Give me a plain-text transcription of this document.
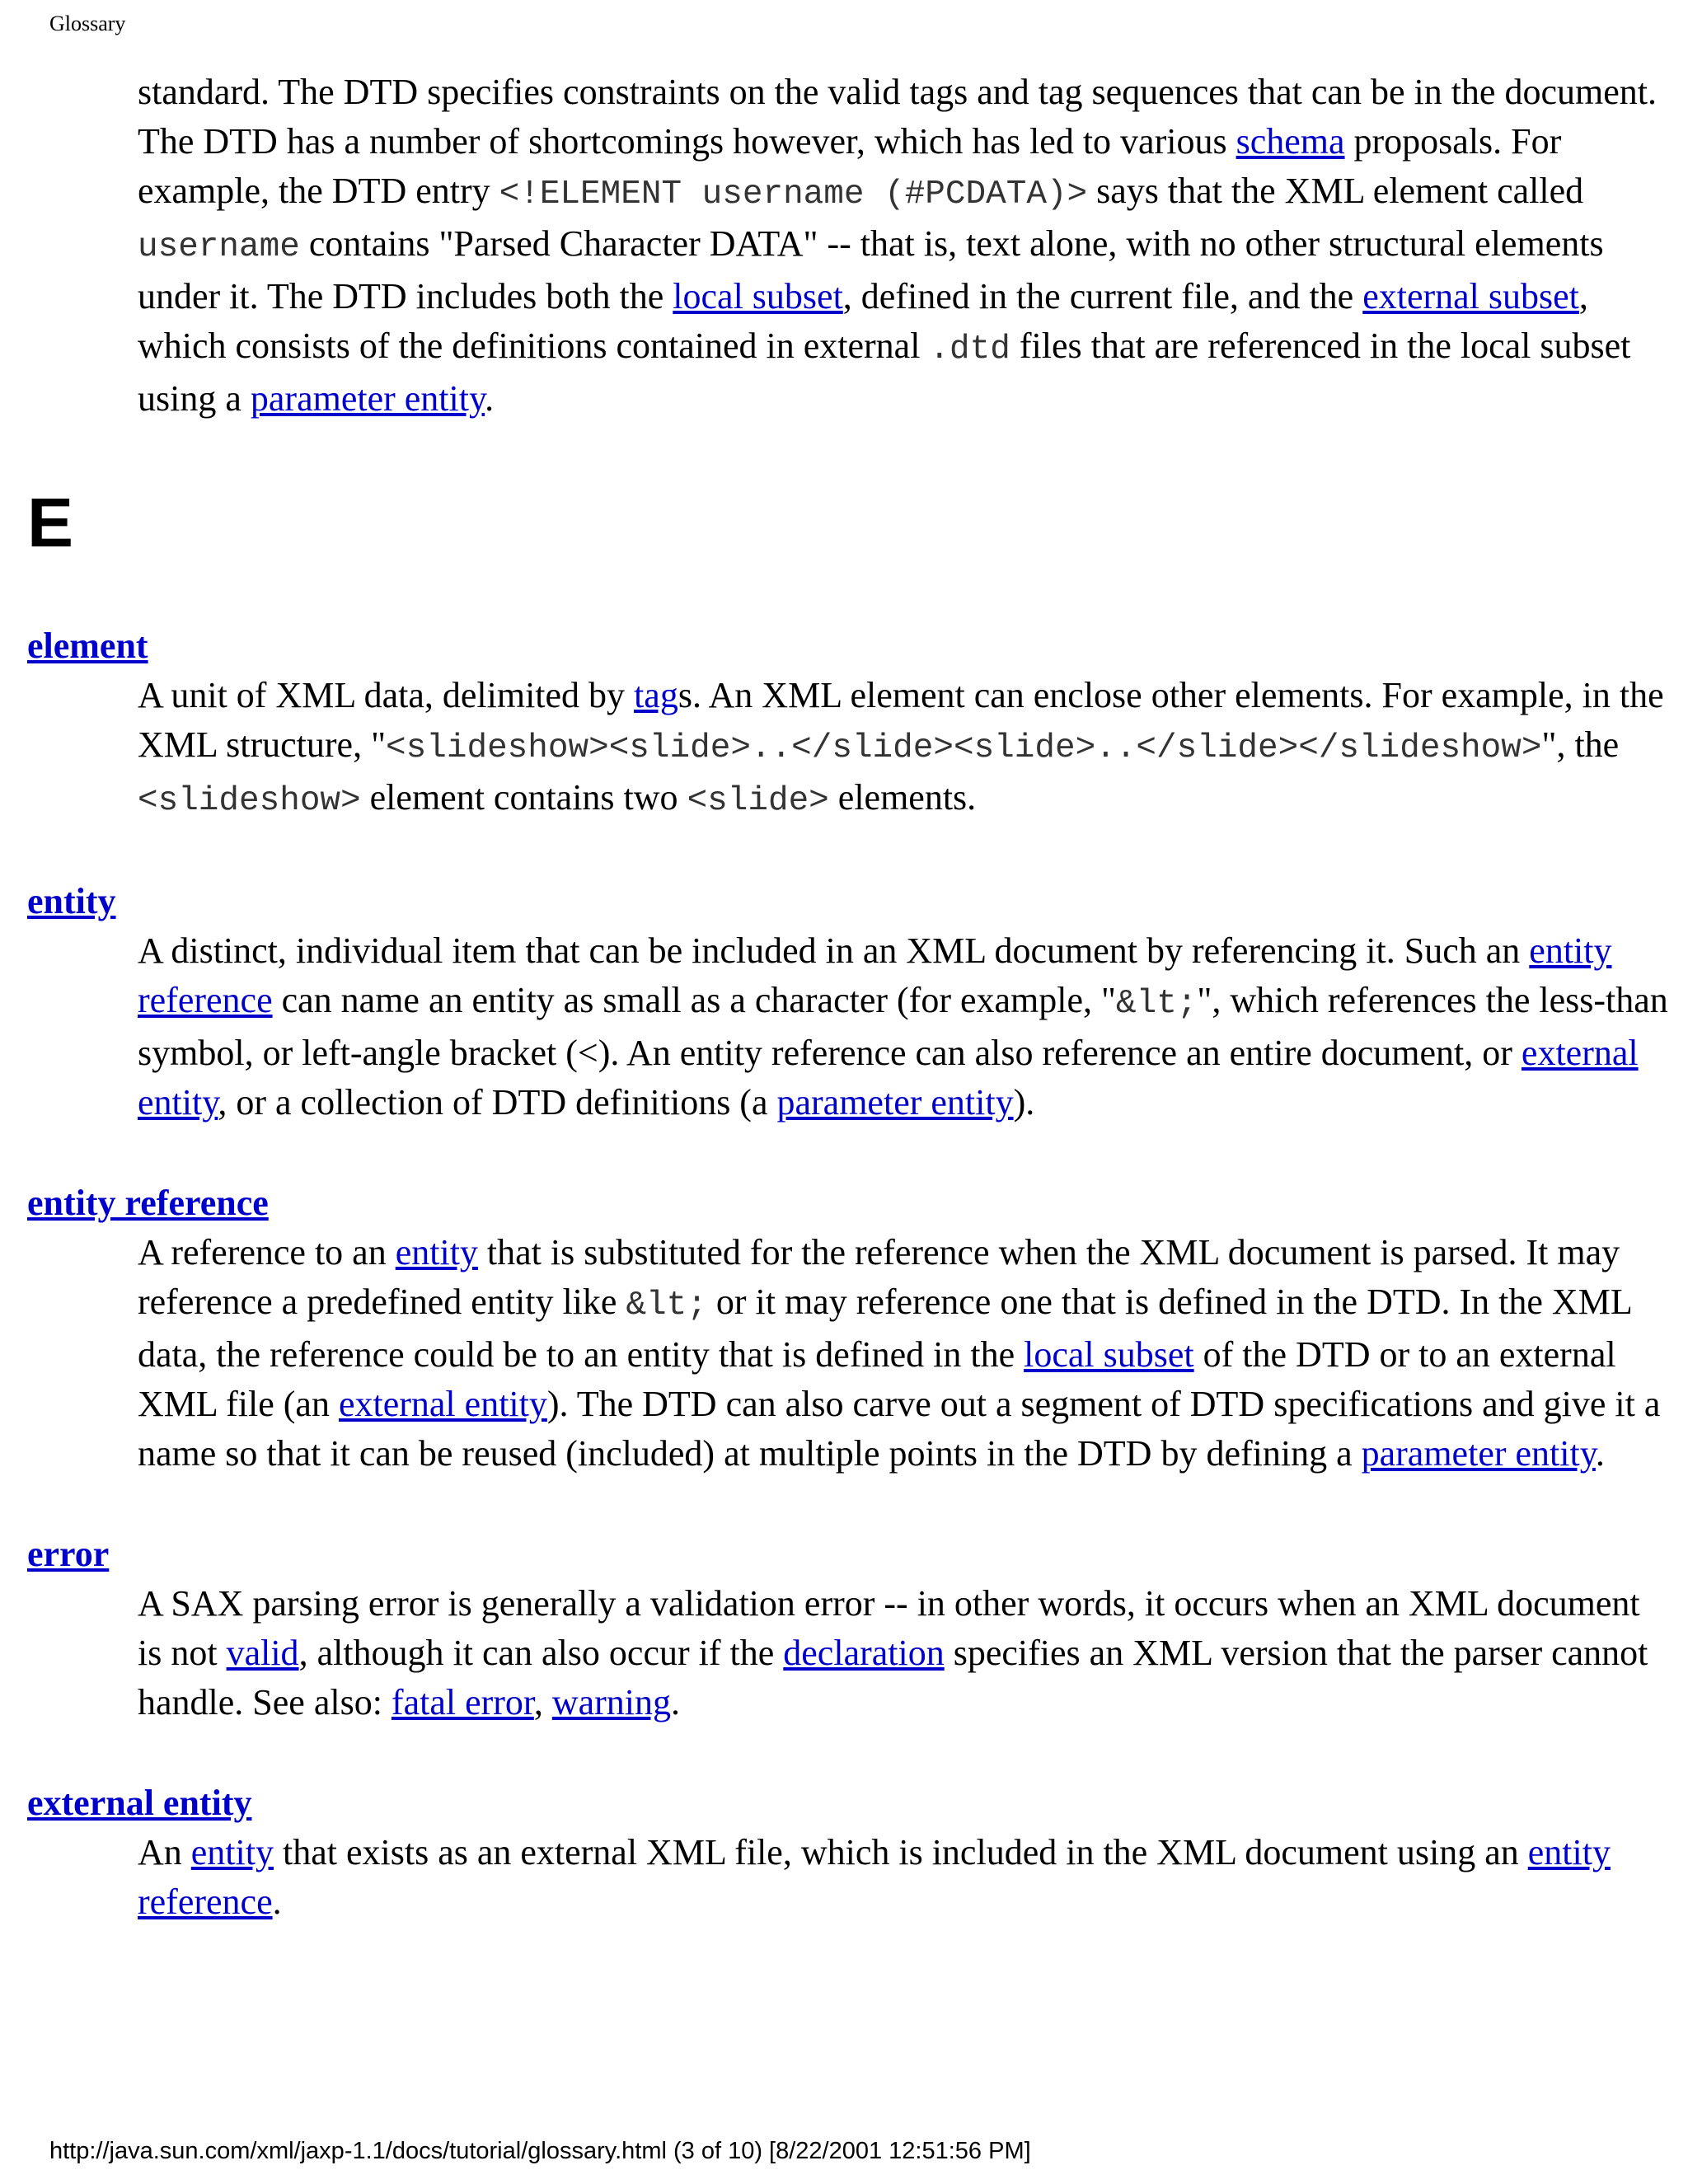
Glossary
standard. The DTD specifies constraints on the valid tags and tag sequences that can be in the document. The DTD has a number of shortcomings however, which has led to various schema proposals. For example, the DTD entry <!ELEMENT username (#PCDATA)> says that the XML element called username contains "Parsed Character DATA" -- that is, text alone, with no other structural elements under it. The DTD includes both the local subset, defined in the current file, and the external subset, which consists of the definitions contained in external .dtd files that are referenced in the local subset using a parameter entity.
E
element
A unit of XML data, delimited by tags. An XML element can enclose other elements. For example, in the XML structure, "<slideshow><slide>..</slide><slide>..</slide></slideshow>", the <slideshow> element contains two <slide> elements.
entity
A distinct, individual item that can be included in an XML document by referencing it. Such an entity reference can name an entity as small as a character (for example, "&lt;", which references the less-than symbol, or left-angle bracket (<). An entity reference can also reference an entire document, or external entity, or a collection of DTD definitions (a parameter entity).
entity reference
A reference to an entity that is substituted for the reference when the XML document is parsed. It may reference a predefined entity like &lt; or it may reference one that is defined in the DTD. In the XML data, the reference could be to an entity that is defined in the local subset of the DTD or to an external XML file (an external entity). The DTD can also carve out a segment of DTD specifications and give it a name so that it can be reused (included) at multiple points in the DTD by defining a parameter entity.
error
A SAX parsing error is generally a validation error -- in other words, it occurs when an XML document is not valid, although it can also occur if the declaration specifies an XML version that the parser cannot handle. See also: fatal error, warning.
external entity
An entity that exists as an external XML file, which is included in the XML document using an entity reference.
http://java.sun.com/xml/jaxp-1.1/docs/tutorial/glossary.html (3 of 10) [8/22/2001 12:51:56 PM]
